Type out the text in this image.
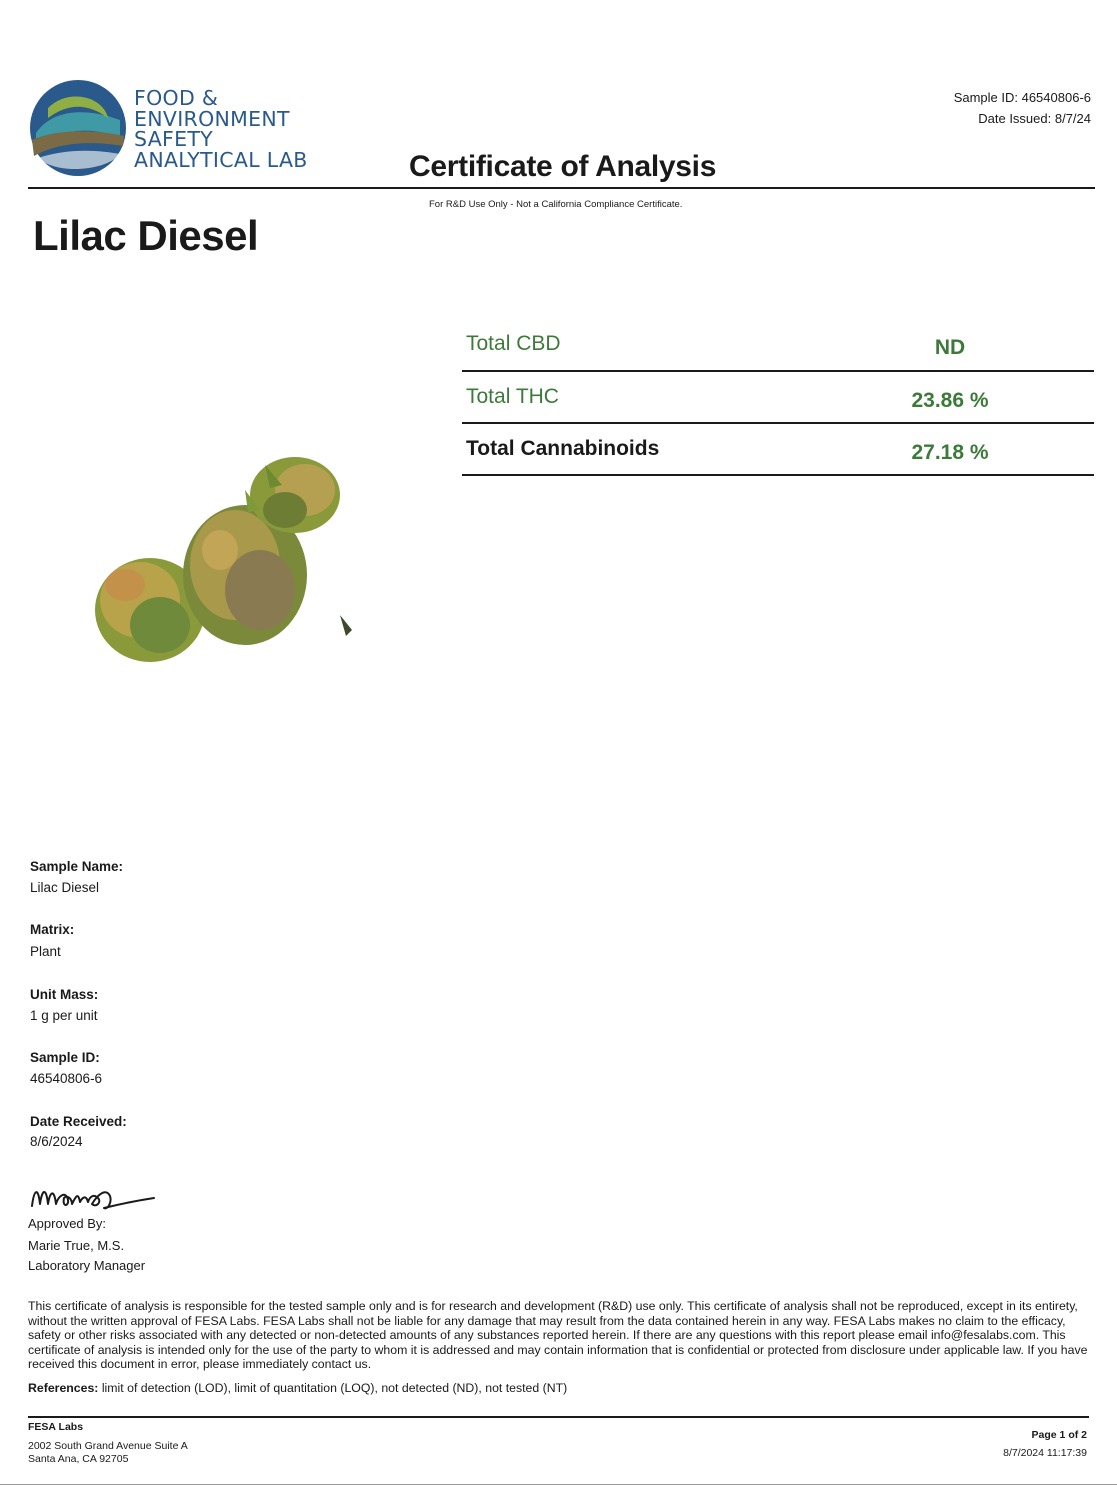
FOOD &
ENVIRONMENT
SAFETY
ANALYTICAL LAB
Sample ID: 46540806-6
Date Issued: 8/7/24
Certificate of Analysis
For R&D Use Only - Not a California Compliance Certificate.
Lilac Diesel
Total CBD	ND
Total THC	23.86 %
Total Cannabinoids	27.18 %
Sample Name:
Lilac Diesel
Matrix:
Plant
Unit Mass:
1 g per unit
Sample ID:
46540806-6
Date Received:
8/6/2024
Approved By:
Marie True, M.S.
Laboratory Manager
This certificate of analysis is responsible for the tested sample only and is for research and development (R&D) use only. This certificate of analysis shall not be reproduced, except in its entirety, without the written approval of FESA Labs. FESA Labs shall not be liable for any damage that may result from the data contained herein in any way. FESA Labs makes no claim to the efficacy, safety or other risks associated with any detected or non-detected amounts of any substances reported herein. If there are any questions with this report please email info@fesalabs.com. This certificate of analysis is intended only for the use of the party to whom it is addressed and may contain information that is confidential or protected from disclosure under applicable law. If you have received this document in error, please immediately contact us.
References: limit of detection (LOD), limit of quantitation (LOQ), not detected (ND), not tested (NT)
FESA Labs
2002 South Grand Avenue Suite A
Santa Ana, CA 92705
Page 1 of 2
8/7/2024 11:17:39
